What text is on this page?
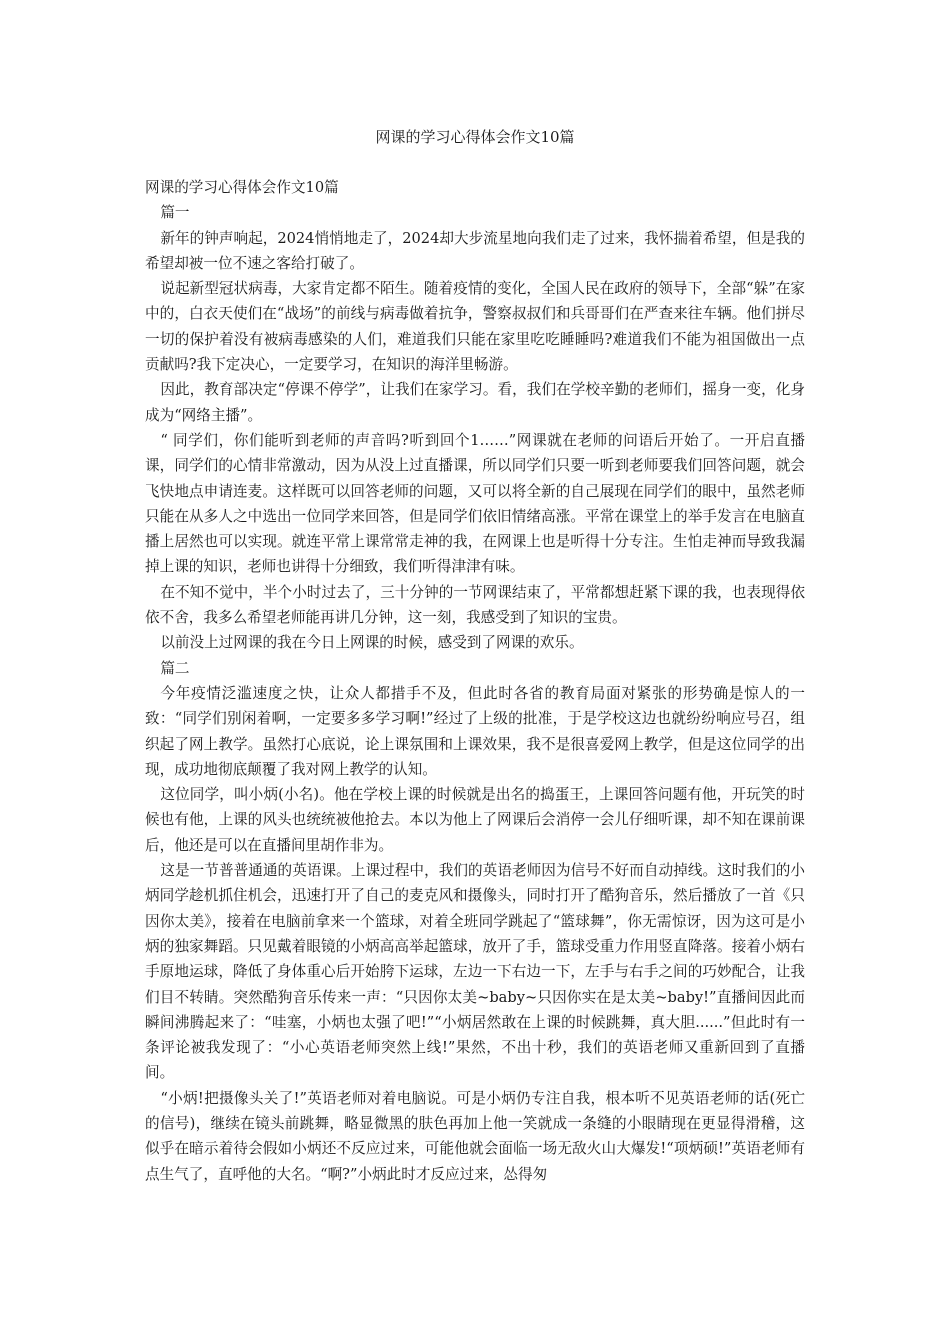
网课的学习心得体会作文10篇

网课的学习心得体会作文10篇

篇一

新年的钟声响起，2024悄悄地走了，2024却大步流星地向我们走了过来，我怀揣着希望，但是我的希望却被一位不速之客给打破了。

说起新型冠状病毒，大家肯定都不陌生。随着疫情的变化，全国人民在政府的领导下，全部“躲”在家中的，白衣天使们在“战场”的前线与病毒做着抗争，警察叔叔们和兵哥哥们在严查来往车辆。他们拼尽一切的保护着没有被病毒感染的人们，难道我们只能在家里吃吃睡睡吗?难道我们不能为祖国做出一点贡献吗?我下定决心，一定要学习，在知识的海洋里畅游。

因此，教育部决定“停课不停学”，让我们在家学习。看，我们在学校辛勤的老师们，摇身一变，化身成为“网络主播”。

“ 同学们，你们能听到老师的声音吗?听到回个1……”网课就在老师的问语后开始了。一开启直播课，同学们的心情非常激动，因为从没上过直播课，所以同学们只要一听到老师要我们回答问题，就会飞快地点申请连麦。这样既可以回答老师的问题，又可以将全新的自己展现在同学们的眼中，虽然老师只能在从多人之中选出一位同学来回答，但是同学们依旧情绪高涨。平常在课堂上的举手发言在电脑直播上居然也可以实现。就连平常上课常常走神的我，在网课上也是听得十分专注。生怕走神而导致我漏掉上课的知识，老师也讲得十分细致，我们听得津津有味。

在不知不觉中，半个小时过去了，三十分钟的一节网课结束了，平常都想赶紧下课的我，也表现得依依不舍，我多么希望老师能再讲几分钟，这一刻，我感受到了知识的宝贵。

以前没上过网课的我在今日上网课的时候，感受到了网课的欢乐。

篇二

今年疫情泛滥速度之快，让众人都措手不及，但此时各省的教育局面对紧张的形势确是惊人的一致：“同学们别闲着啊，一定要多多学习啊!”经过了上级的批准，于是学校这边也就纷纷响应号召，组织起了网上教学。虽然打心底说，论上课氛围和上课效果，我不是很喜爱网上教学，但是这位同学的出现，成功地彻底颠覆了我对网上教学的认知。

这位同学，叫小炳(小名)。他在学校上课的时候就是出名的捣蛋王，上课回答问题有他，开玩笑的时候也有他，上课的风头也统统被他抢去。本以为他上了网课后会消停一会儿仔细听课，却不知在课前课后，他还是可以在直播间里胡作非为。

这是一节普普通通的英语课。上课过程中，我们的英语老师因为信号不好而自动掉线。这时我们的小炳同学趁机抓住机会，迅速打开了自己的麦克风和摄像头，同时打开了酷狗音乐，然后播放了一首《只因你太美》，接着在电脑前拿来一个篮球，对着全班同学跳起了“篮球舞”，你无需惊讶，因为这可是小炳的独家舞蹈。只见戴着眼镜的小炳高高举起篮球，放开了手，篮球受重力作用竖直降落。接着小炳右手原地运球，降低了身体重心后开始胯下运球，左边一下右边一下，左手与右手之间的巧妙配合，让我们目不转睛。突然酷狗音乐传来一声：“只因你太美~baby~只因你实在是太美~baby!”直播间因此而瞬间沸腾起来了：“哇塞，小炳也太强了吧!”“小炳居然敢在上课的时候跳舞，真大胆......”但此时有一条评论被我发现了：“小心英语老师突然上线!”果然，不出十秒，我们的英语老师又重新回到了直播间。

“小炳!把摄像头关了!”英语老师对着电脑说。可是小炳仍专注自我，根本听不见英语老师的话(死亡的信号)，继续在镜头前跳舞，略显微黑的肤色再加上他一笑就成一条缝的小眼睛现在更显得滑稽，这似乎在暗示着待会假如小炳还不反应过来，可能他就会面临一场无敌火山大爆发!“项炳硕!”英语老师有点生气了，直呼他的大名。“啊?”小炳此时才反应过来，怂得匆
